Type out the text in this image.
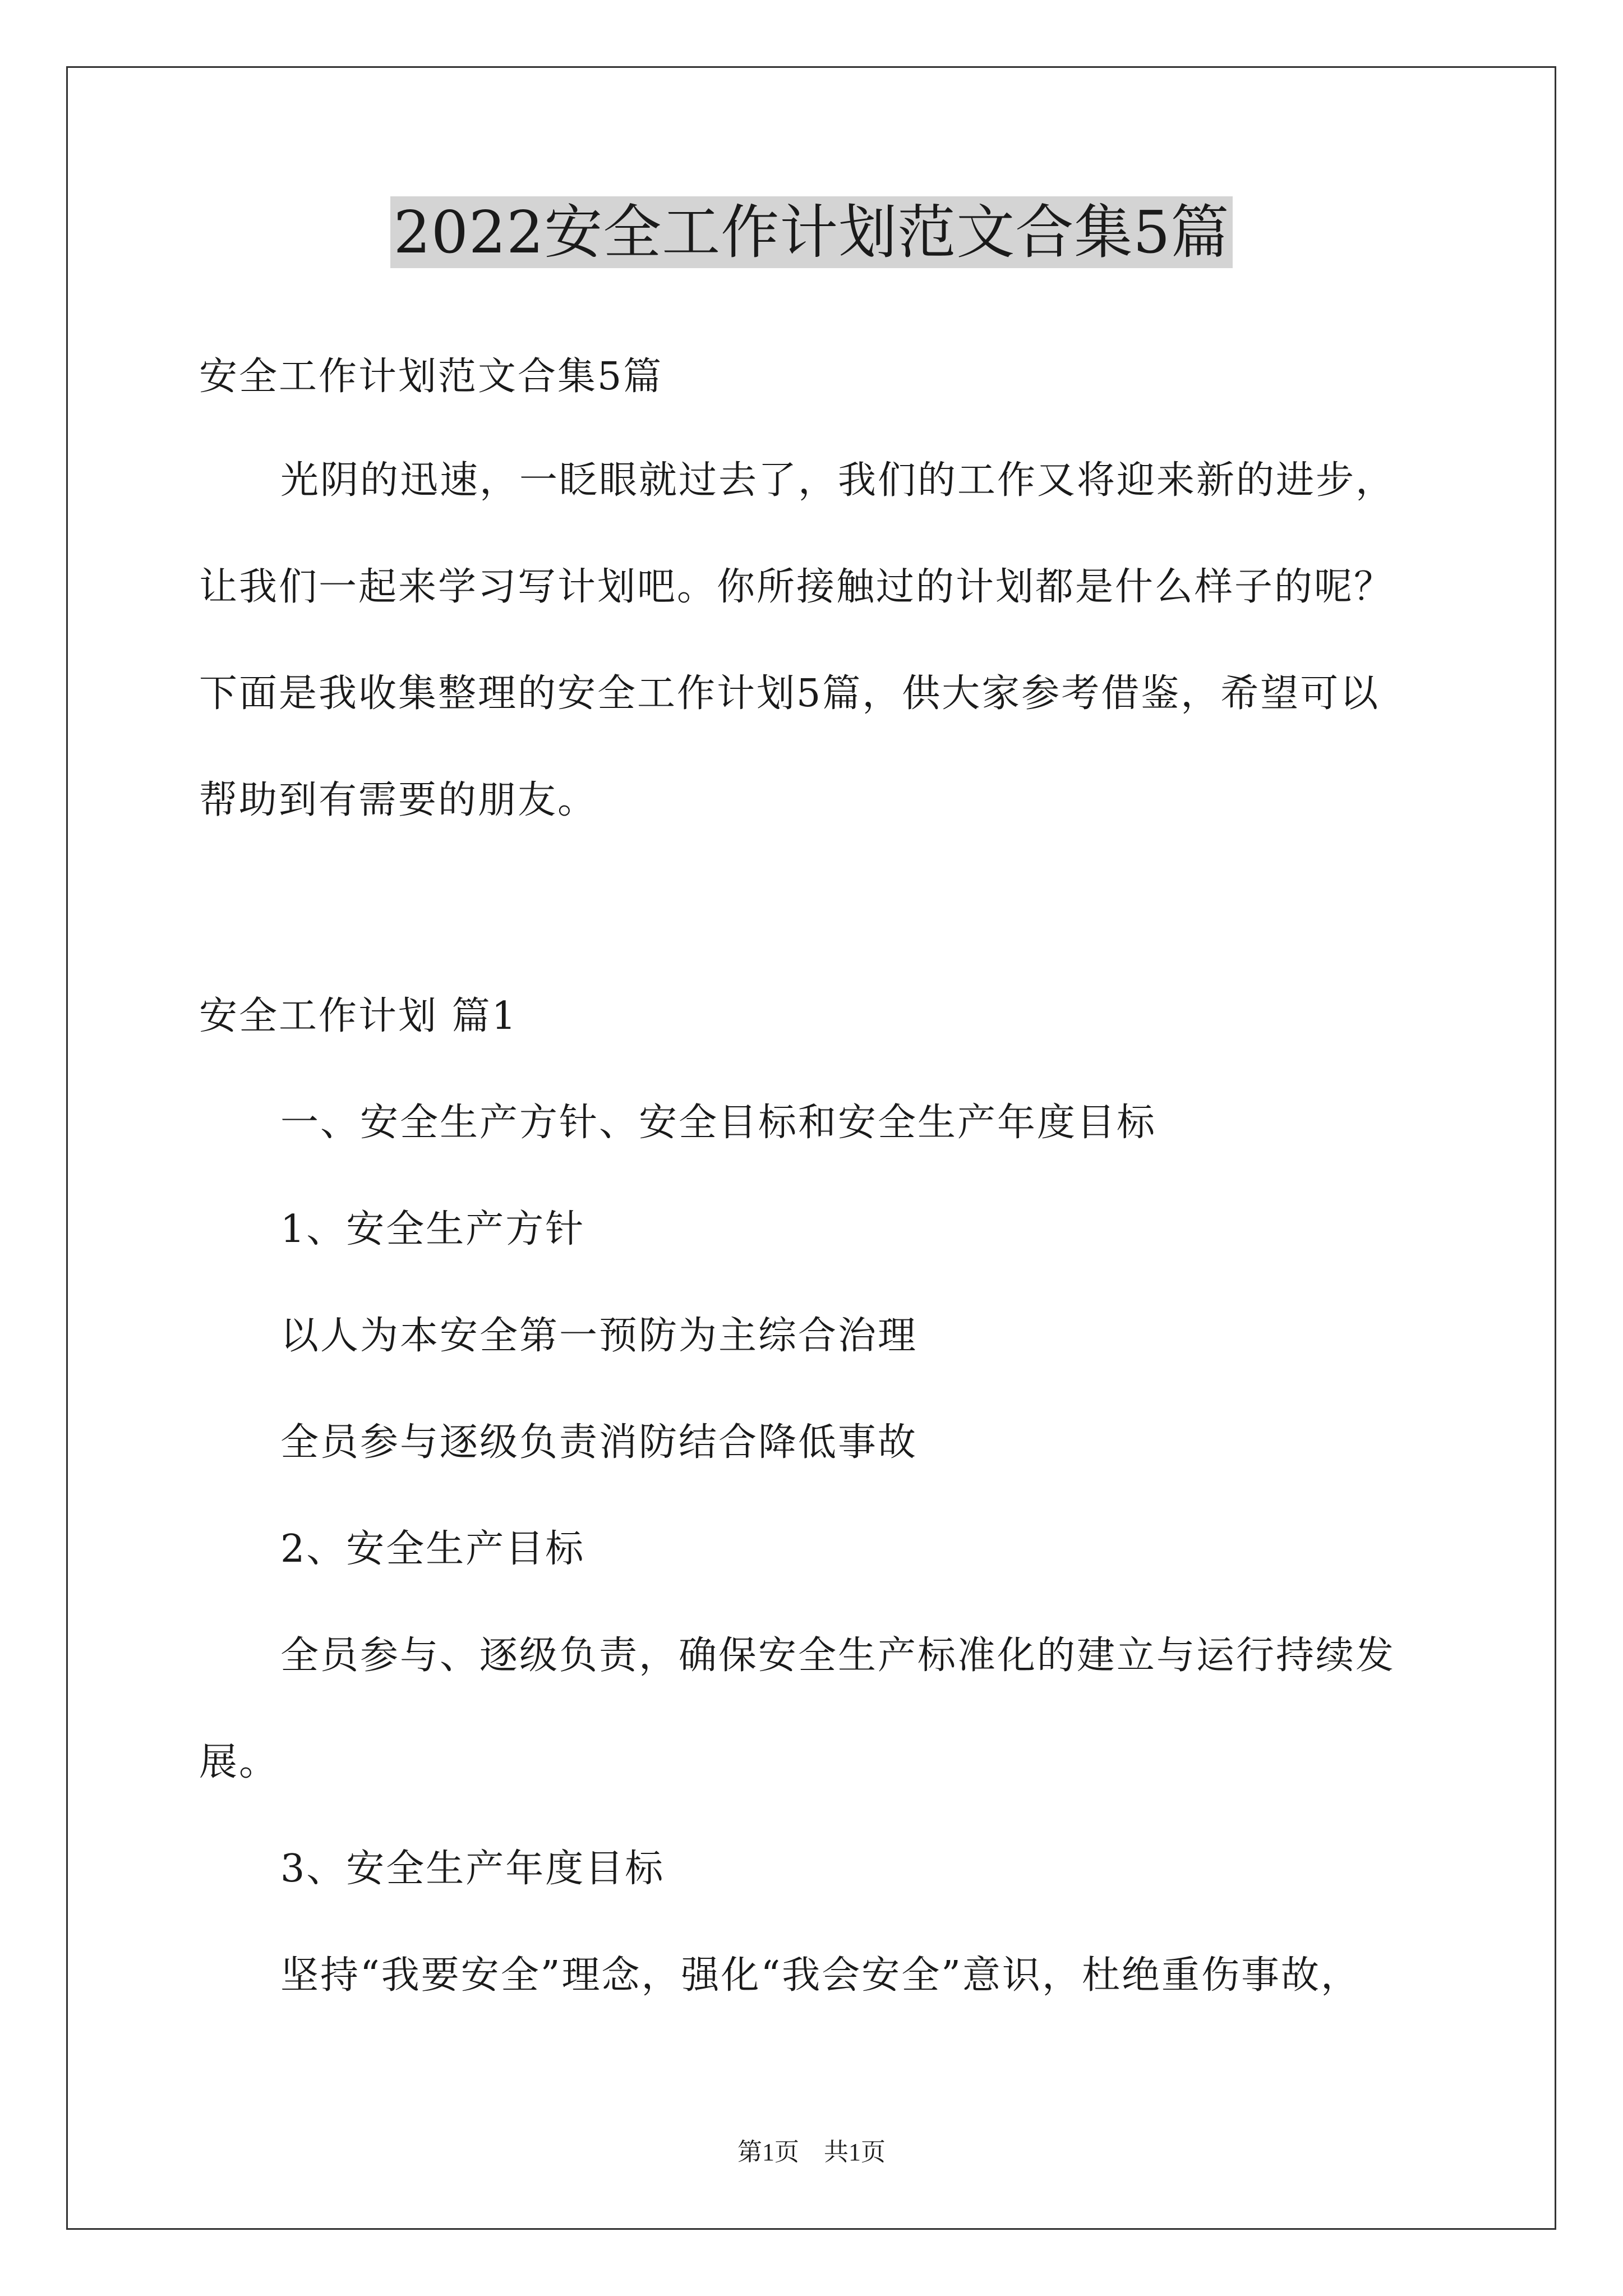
2022安全工作计划范文合集5篇
安全工作计划范文合集5篇
光阴的迅速，一眨眼就过去了，我们的工作又将迎来新的进步，
让我们一起来学习写计划吧。你所接触过的计划都是什么样子的呢？
下面是我收集整理的安全工作计划5篇，供大家参考借鉴，希望可以
帮助到有需要的朋友。
安全工作计划 篇1
一、安全生产方针、安全目标和安全生产年度目标
1、安全生产方针
以人为本安全第一预防为主综合治理
全员参与逐级负责消防结合降低事故
2、安全生产目标
全员参与、逐级负责，确保安全生产标准化的建立与运行持续发
展。
3、安全生产年度目标
坚持“我要安全”理念，强化“我会安全”意识，杜绝重伤事故，
第1页　共1页
